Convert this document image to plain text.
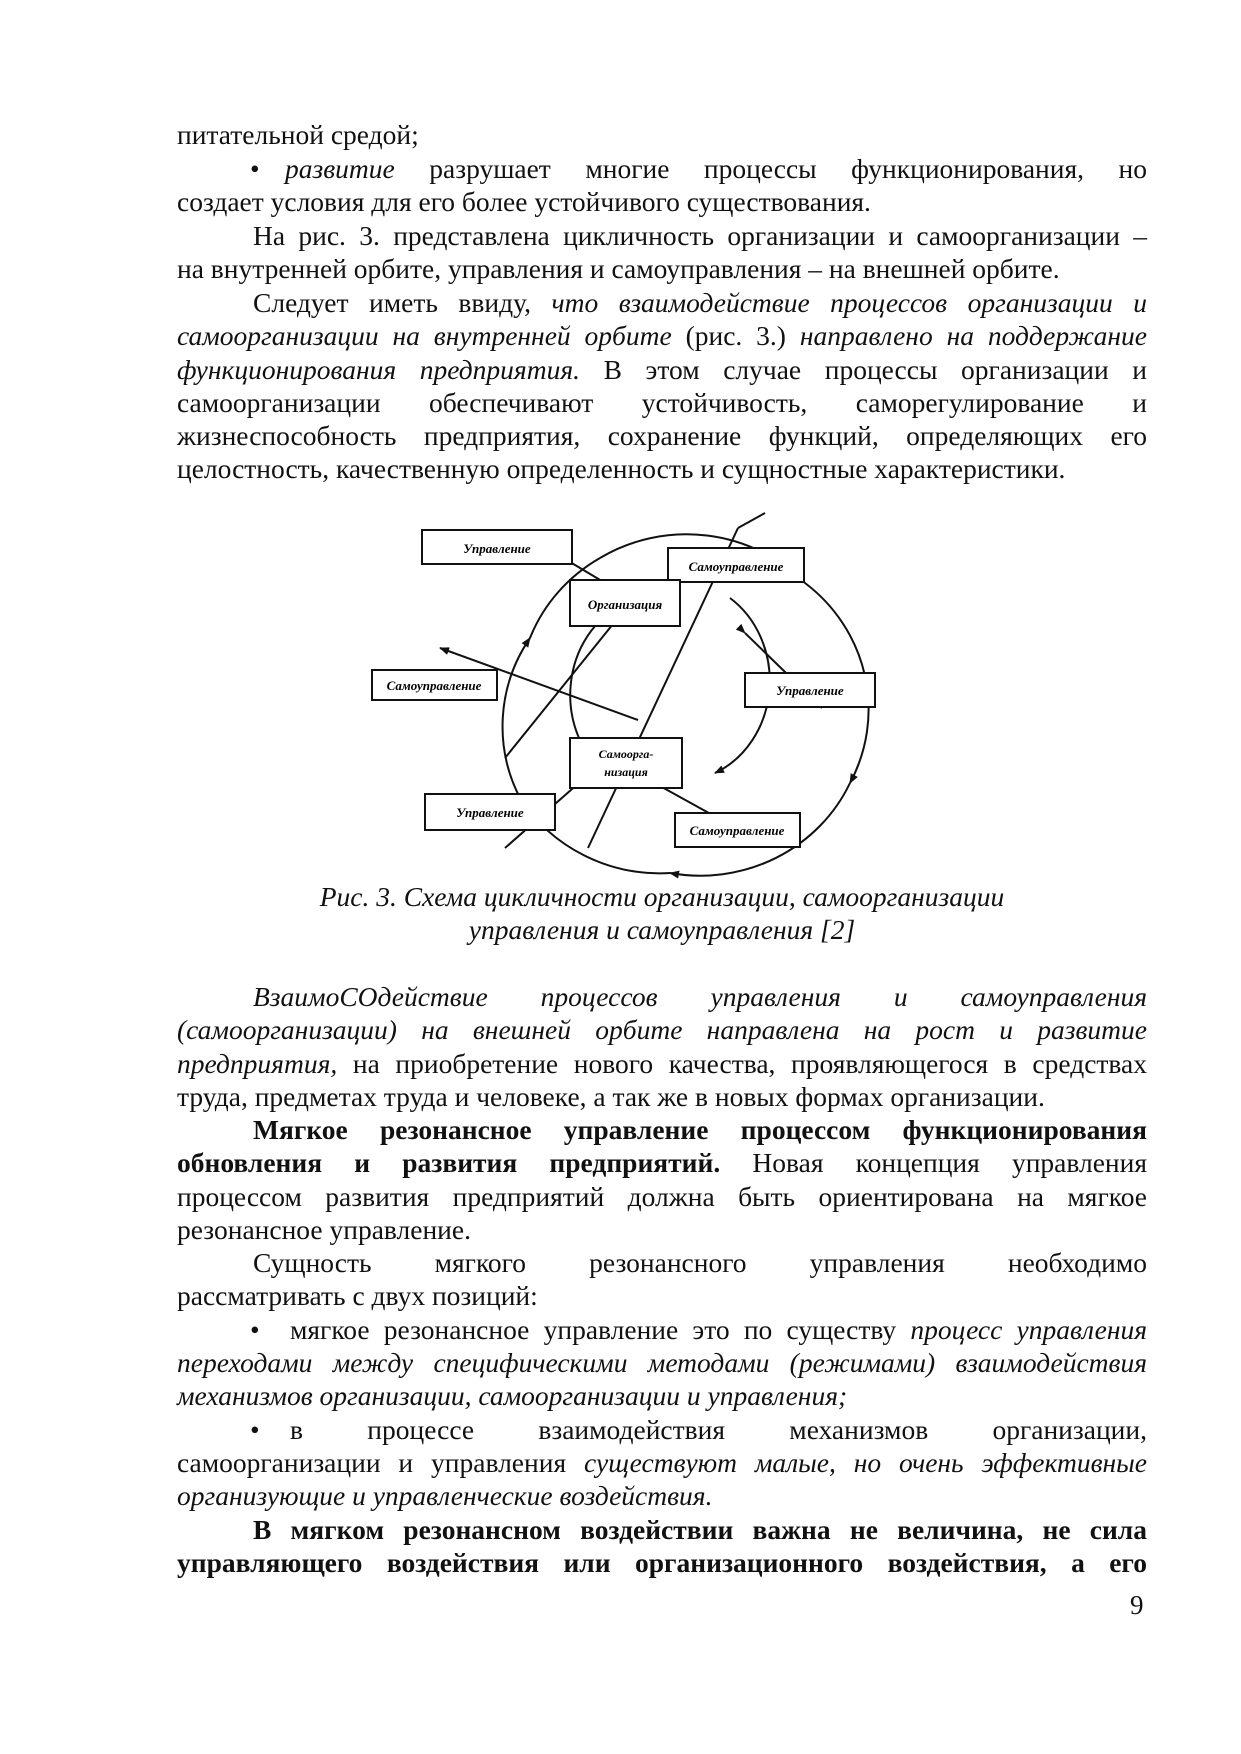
питательной средой;
• развитие разрушает многие процессы функционирования, но
создает условия для его более устойчивого существования.
На рис. 3. представлена цикличность организации и самоорганизации –
на внутренней орбите, управления и самоуправления – на внешней орбите.
Следует иметь ввиду, что взаимодействие процессов организации и
самоорганизации на внутренней орбите (рис. 3.) направлено на поддержание
функционирования предприятия. В этом случае процессы организации и
самоорганизации обеспечивают устойчивость, саморегулирование и
жизнеспособность предприятия, сохранение функций, определяющих его
целостность, качественную определенность и сущностные характеристики.
Управление
Самоуправление
Организация
Самоуправление	Управление
Самоорга-
низация
Управление
Самоуправление
Рис. 3. Схема цикличности организации, самоорганизации
управления и самоуправления [2]
ВзаимоСОдействие процессов управления и самоуправления
(самоорганизации) на внешней орбите направлена на рост и развитие
предприятия, на приобретение нового качества, проявляющегося в средствах
труда, предметах труда и человеке, а так же в новых формах организации.
Мягкое резонансное управление процессом функционирования
обновления и развития предприятий. Новая концепция управления
процессом развития предприятий должна быть ориентирована на мягкое
резонансное управление.
Сущность мягкого резонансного управления необходимо
рассматривать с двух позиций:
• мягкое резонансное управление это по существу процесс управления
переходами между специфическими методами (режимами) взаимодействия
механизмов организации, самоорганизации и управления;
• в процессе взаимодействия механизмов организации,
самоорганизации и управления существуют малые, но очень эффективные
организующие и управленческие воздействия.
В мягком резонансном воздействии важна не величина, не сила
управляющего воздействия или организационного воздействия, а его
9
